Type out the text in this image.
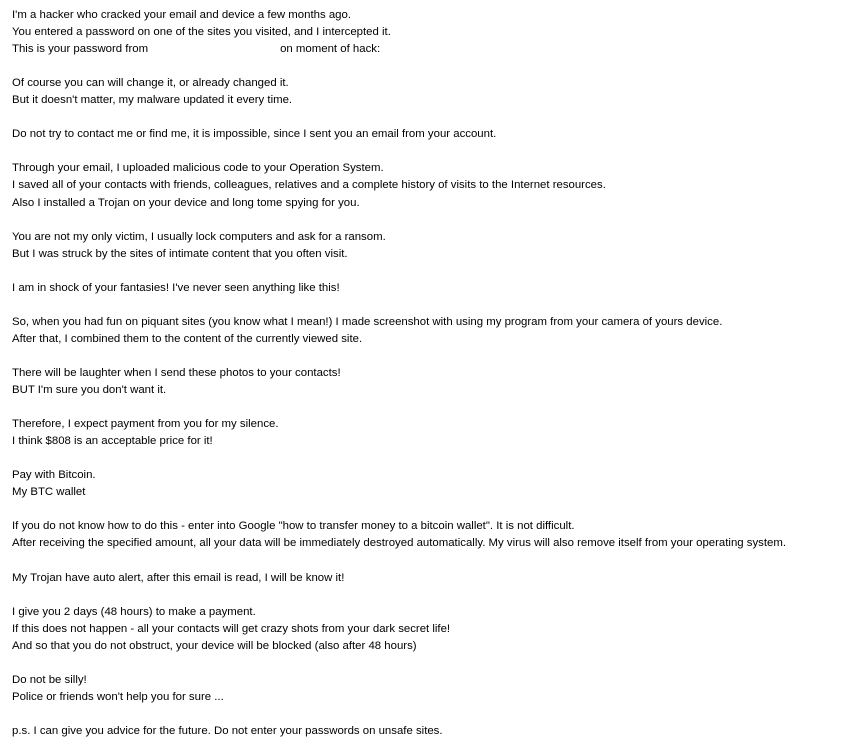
I'm a hacker who cracked your email and device a few months ago.
You entered a password on one of the sites you visited, and I intercepted it.
This is your password from	on moment of hack:
Of course you can will change it, or already changed it.
But it doesn't matter, my malware updated it every time.
Do not try to contact me or find me, it is impossible, since I sent you an email from your account.
Through your email, I uploaded malicious code to your Operation System.
I saved all of your contacts with friends, colleagues, relatives and a complete history of visits to the Internet resources.
Also I installed a Trojan on your device and long tome spying for you.
You are not my only victim, I usually lock computers and ask for a ransom.
But I was struck by the sites of intimate content that you often visit.
I am in shock of your fantasies! I've never seen anything like this!
So, when you had fun on piquant sites (you know what I mean!) I made screenshot with using my program from your camera of yours device.
After that, I combined them to the content of the currently viewed site.
There will be laughter when I send these photos to your contacts!
BUT I'm sure you don't want it.
Therefore, I expect payment from you for my silence.
I think $808 is an acceptable price for it!
Pay with Bitcoin.
My BTC wallet
If you do not know how to do this - enter into Google "how to transfer money to a bitcoin wallet". It is not difficult.
After receiving the specified amount, all your data will be immediately destroyed automatically. My virus will also remove itself from your operating system.
My Trojan have auto alert, after this email is read, I will be know it!
I give you 2 days (48 hours) to make a payment.
If this does not happen - all your contacts will get crazy shots from your dark secret life!
And so that you do not obstruct, your device will be blocked (also after 48 hours)
Do not be silly!
Police or friends won't help you for sure ...
p.s. I can give you advice for the future. Do not enter your passwords on unsafe sites.
